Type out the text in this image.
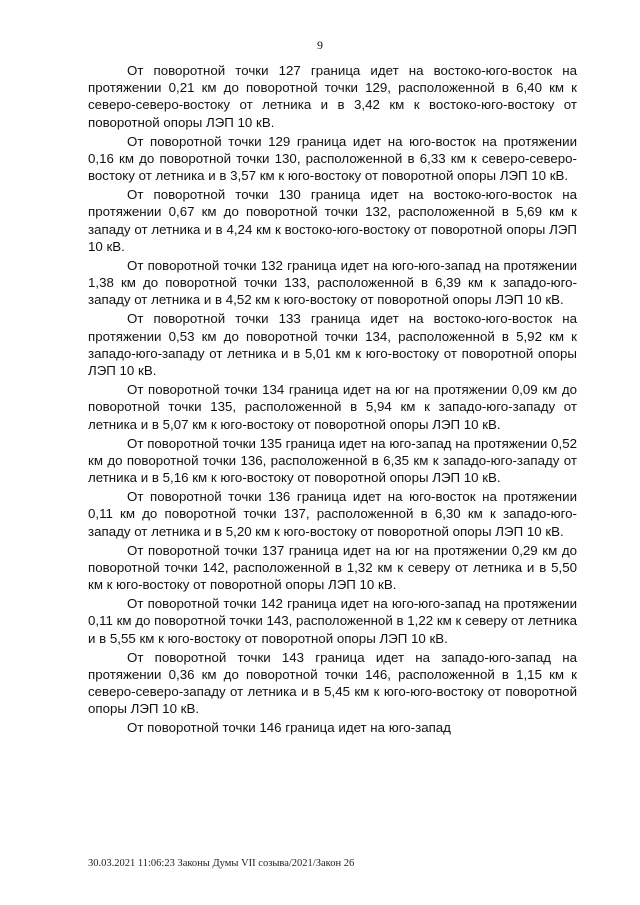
9

От поворотной точки 127 граница идет на востоко-юго-восток на протяжении 0,21 км до поворотной точки 129, расположенной в 6,40 км к северо-северо-востоку от летника и в 3,42 км к востоко-юго-востоку от поворотной опоры ЛЭП 10 кВ.

От поворотной точки 129 граница идет на юго-восток на протяжении 0,16 км до поворотной точки 130, расположенной в 6,33 км к северо-северо-востоку от летника и в 3,57 км к юго-востоку от поворотной опоры ЛЭП 10 кВ.

От поворотной точки 130 граница идет на востоко-юго-восток на протяжении 0,67 км до поворотной точки 132, расположенной в 5,69 км к западу от летника и в 4,24 км к востоко-юго-востоку от поворотной опоры ЛЭП 10 кВ.

От поворотной точки 132 граница идет на юго-юго-запад на протяжении 1,38 км до поворотной точки 133, расположенной в 6,39 км к западо-юго-западу от летника и в 4,52 км к юго-востоку от поворотной опоры ЛЭП 10 кВ.

От поворотной точки 133 граница идет на востоко-юго-восток на протяжении 0,53 км до поворотной точки 134, расположенной в 5,92 км к западо-юго-западу от летника и в 5,01 км к юго-востоку от поворотной опоры ЛЭП 10 кВ.

От поворотной точки 134 граница идет на юг на протяжении 0,09 км до поворотной точки 135, расположенной в 5,94 км к западо-юго-западу от летника и в 5,07 км к юго-востоку от поворотной опоры ЛЭП 10 кВ.

От поворотной точки 135 граница идет на юго-запад на протяжении 0,52 км до поворотной точки 136, расположенной в 6,35 км к западо-юго-западу от летника и в 5,16 км к юго-востоку от поворотной опоры ЛЭП 10 кВ.

От поворотной точки 136 граница идет на юго-восток на протяжении 0,11 км до поворотной точки 137, расположенной в 6,30 км к западо-юго-западу от летника и в 5,20 км к юго-востоку от поворотной опоры ЛЭП 10 кВ.

От поворотной точки 137 граница идет на юг на протяжении 0,29 км до поворотной точки 142, расположенной в 1,32 км к северу от летника и в 5,50 км к юго-востоку от поворотной опоры ЛЭП 10 кВ.

От поворотной точки 142 граница идет на юго-юго-запад на протяжении 0,11 км до поворотной точки 143, расположенной в 1,22 км к северу от летника и в 5,55 км к юго-востоку от поворотной опоры ЛЭП 10 кВ.

От поворотной точки 143 граница идет на западо-юго-запад на протяжении 0,36 км до поворотной точки 146, расположенной в 1,15 км к северо-северо-западу от летника и в 5,45 км к юго-юго-востоку от поворотной опоры ЛЭП 10 кВ.

От поворотной точки 146 граница идет на юго-запад

30.03.2021 11:06:23 Законы Думы VII созыва/2021/Закон 26
